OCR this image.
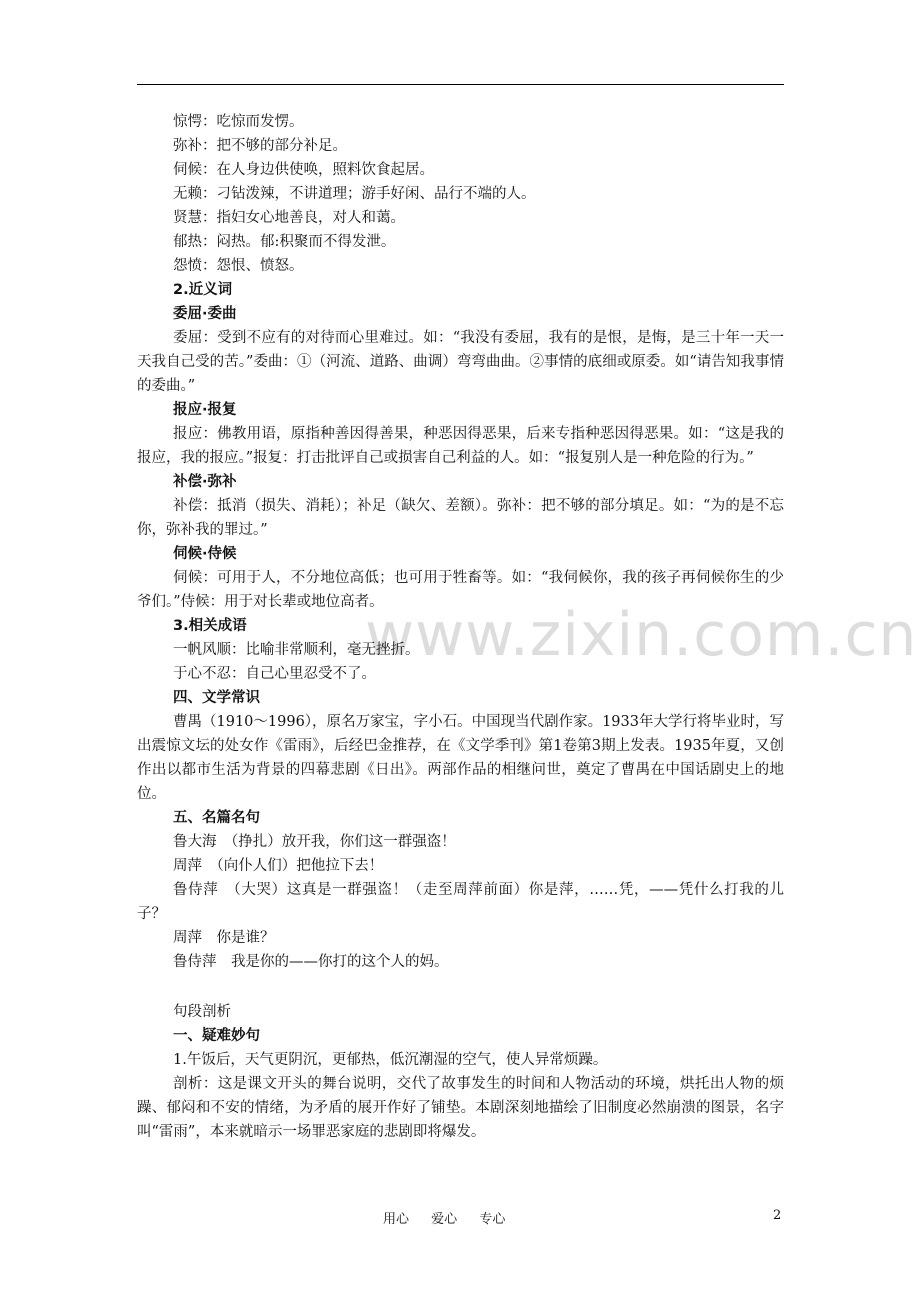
www.zixin.com.cn
惊愕：吃惊而发愣。
弥补：把不够的部分补足。
伺候：在人身边供使唤，照料饮食起居。
无赖：刁钻泼辣，不讲道理；游手好闲、品行不端的人。
贤慧：指妇女心地善良，对人和蔼。
郁热：闷热。郁:积聚而不得发泄。
怨愤：怨恨、愤怒。
2.近义词
委屈·委曲
委屈：受到不应有的对待而心里难过。如：“我没有委屈，我有的是恨，是悔，是三十年一天一天我自己受的苦。”委曲：①（河流、道路、曲调）弯弯曲曲。②事情的底细或原委。如“请告知我事情的委曲。”
报应·报复
报应：佛教用语，原指种善因得善果，种恶因得恶果，后来专指种恶因得恶果。如：“这是我的报应，我的报应。”报复：打击批评自己或损害自己利益的人。如：“报复别人是一种危险的行为。”
补偿·弥补
补偿：抵消（损失、消耗）；补足（缺欠、差额）。弥补：把不够的部分填足。如：“为的是不忘你，弥补我的罪过。”
伺候·侍候
伺候：可用于人，不分地位高低；也可用于牲畜等。如：“我伺候你，我的孩子再伺候你生的少爷们。”侍候：用于对长辈或地位高者。
3.相关成语
一帆风顺：比喻非常顺利，毫无挫折。
于心不忍：自己心里忍受不了。
四、文学常识
曹禺（1910～1996），原名万家宝，字小石。中国现当代剧作家。1933年大学行将毕业时，写出震惊文坛的处女作《雷雨》，后经巴金推荐，在《文学季刊》第1卷第3期上发表。1935年夏，又创作出以都市生活为背景的四幕悲剧《日出》。两部作品的相继问世，奠定了曹禺在中国话剧史上的地位。
五、名篇名句
鲁大海　（挣扎）放开我，你们这一群强盗！
周萍　（向仆人们）把他拉下去！
鲁侍萍　（大哭）这真是一群强盗！（走至周萍前面）你是萍，……凭，——凭什么打我的儿子？
周萍　你是谁？
鲁侍萍　我是你的——你打的这个人的妈。
句段剖析
一、疑难妙句
1.午饭后，天气更阴沉，更郁热，低沉潮湿的空气，使人异常烦躁。
剖析：这是课文开头的舞台说明，交代了故事发生的时间和人物活动的环境，烘托出人物的烦躁、郁闷和不安的情绪，为矛盾的展开作好了铺垫。本剧深刻地描绘了旧制度必然崩溃的图景，名字叫“雷雨”，本来就暗示一场罪恶家庭的悲剧即将爆发。
用心 爱心 专心	2
